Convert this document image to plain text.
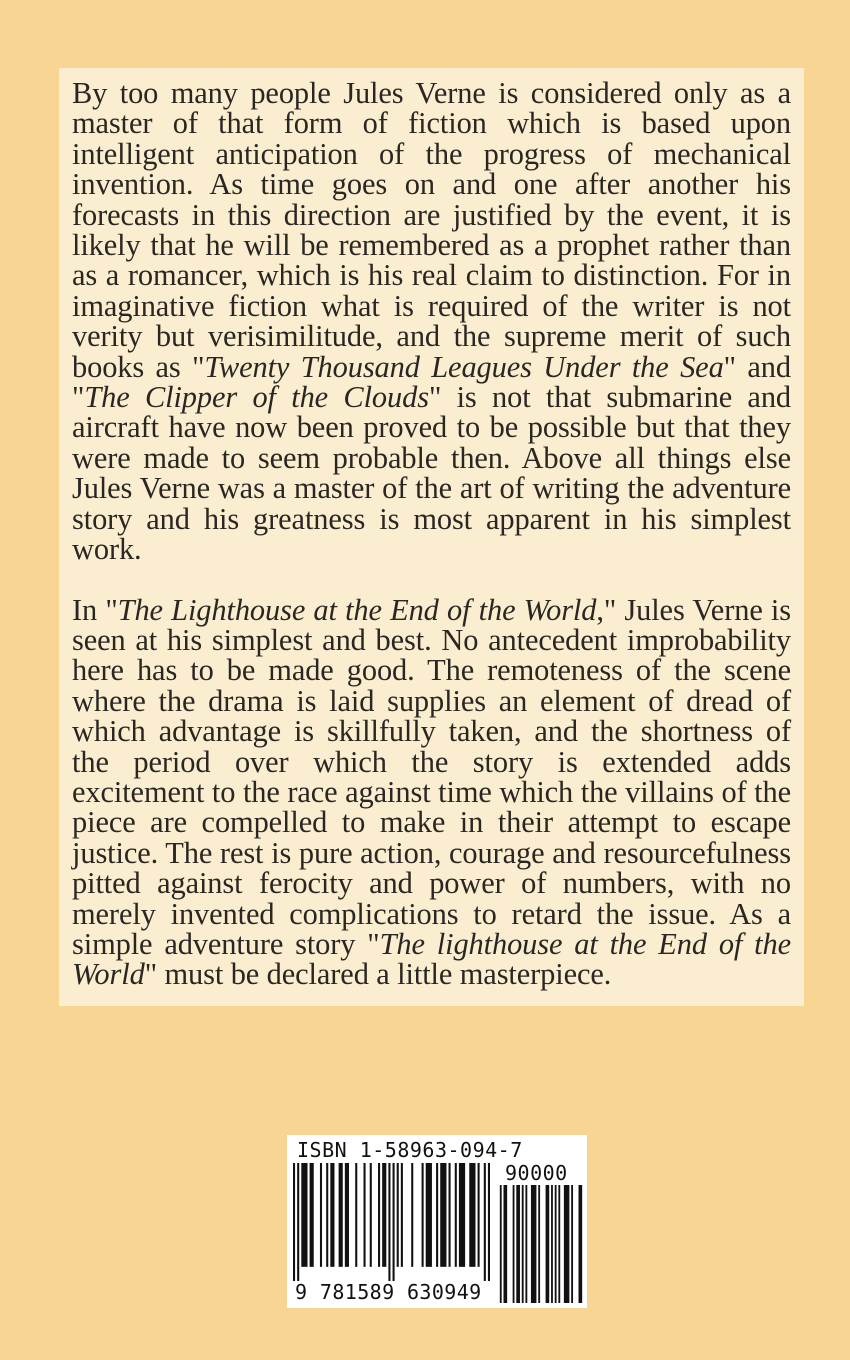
By too many people Jules Verne is considered only as a master of that form of fiction which is based upon intelligent anticipation of the progress of mechanical invention. As time goes on and one after another his forecasts in this direction are justified by the event, it is likely that he will be remembered as a prophet rather than as a romancer, which is his real claim to distinction. For in imaginative fiction what is required of the writer is not verity but verisimilitude, and the supreme merit of such books as "Twenty Thousand Leagues Under the Sea" and "The Clipper of the Clouds" is not that submarine and aircraft have now been proved to be possible but that they were made to seem probable then. Above all things else Jules Verne was a master of the art of writing the adventure story and his greatness is most apparent in his simplest work.

In "The Lighthouse at the End of the World," Jules Verne is seen at his simplest and best. No antecedent improbability here has to be made good. The remoteness of the scene where the drama is laid supplies an element of dread of which advantage is skillfully taken, and the shortness of the period over which the story is extended adds excitement to the race against time which the villains of the piece are compelled to make in their attempt to escape justice. The rest is pure action, courage and resourcefulness pitted against ferocity and power of numbers, with no merely invented complications to retard the issue. As a simple adventure story "The lighthouse at the End of the World" must be declared a little masterpiece.

ISBN 1-58963-094-7
90000
9 781589 630949
